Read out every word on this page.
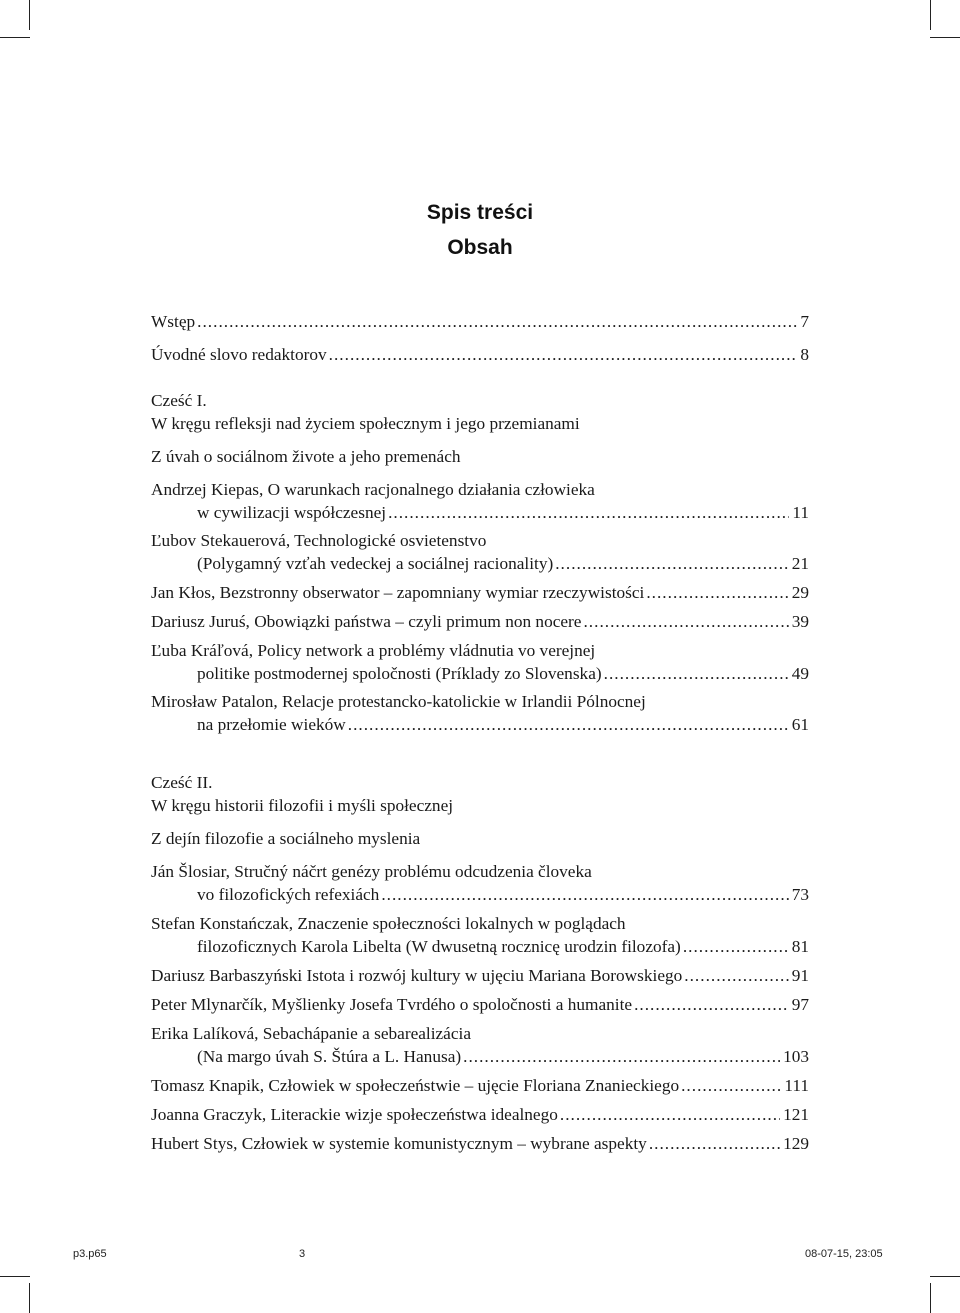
Spis treści
Obsah
Wstęp .....	7
Úvodné slovo redaktorov .....	8
Cześć I.
W kręgu refleksji nad życiem społecznym i jego przemianami
Z úvah o sociálnom živote a jeho premenách
Andrzej Kiepas, O warunkach racjonalnego działania człowieka
w cywilizacji współczesnej .....	11
Ľubov Stekauerová, Technologické osvietenstvo
(Polygamný vzťah vedeckej a sociálnej racionality) .....	21
Jan Kłos, Bezstronny obserwator – zapomniany wymiar rzeczywistości .....	29
Dariusz Juruś, Obowiązki państwa – czyli primum non nocere .....	39
Ľuba Kráľová, Policy network a problémy vládnutia vo verejnej
politike postmodernej spoločnosti (Príklady zo Slovenska) .....	49
Mirosław Patalon, Relacje protestancko-katolickie w Irlandii Pólnocnej
na przełomie wieków .....	61
Cześć II.
W kręgu historii filozofii i myśli społecznej
Z dejín filozofie a sociálneho myslenia
Ján Šlosiar, Stručný náčrt genézy problému odcudzenia človeka
vo filozofických refexiách .....	73
Stefan Konstańczak, Znaczenie społeczności lokalnych w poglądach
filozoficznych Karola Libelta (W dwusetną rocznicę urodzin filozofa) .....	81
Dariusz Barbaszyński Istota i rozwój kultury w ujęciu Mariana Borowskiego .....	91
Peter Mlynarčík, Myšlienky Josefa Tvrdého o spoločnosti a humanite .....	97
Erika Lalíková, Sebachápanie a sebarealizácia
(Na margo úvah S. Štúra a L. Hanusa) .....	103
Tomasz Knapik, Człowiek w społeczeństwie – ujęcie Floriana Znanieckiego .....	111
Joanna Graczyk, Literackie wizje społeczeństwa idealnego .....	121
Hubert Stys, Człowiek w systemie komunistycznym – wybrane aspekty .....	129
p3.p65	3	08-07-15, 23:05
